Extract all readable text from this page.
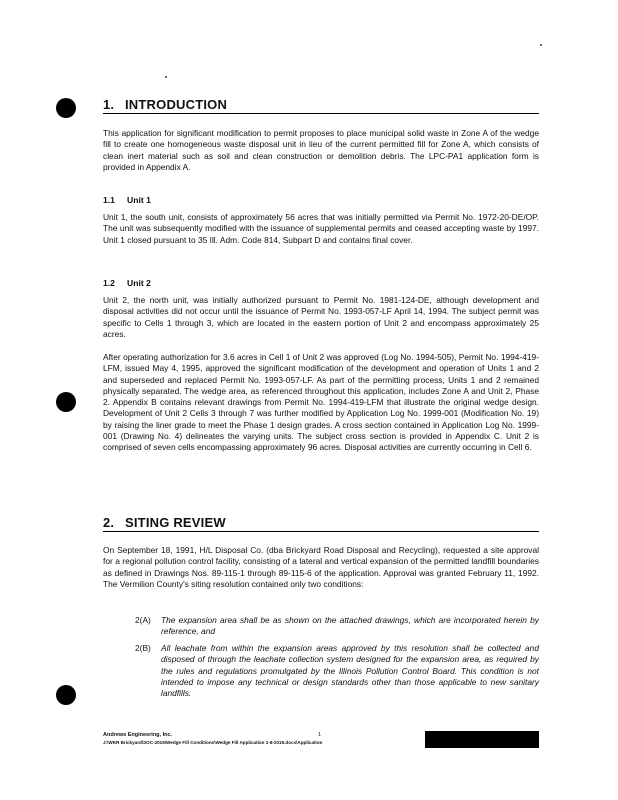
1. INTRODUCTION

This application for significant modification to permit proposes to place municipal solid waste in Zone A of the wedge fill to create one homogeneous waste disposal unit in lieu of the current permitted fill for Zone A, which consists of clean inert material such as soil and clean construction or demolition debris. The LPC-PA1 application form is provided in Appendix A.

1.1 Unit 1

Unit 1, the south unit, consists of approximately 56 acres that was initially permitted via Permit No. 1972-20-DE/OP. The unit was subsequently modified with the issuance of supplemental permits and ceased accepting waste by 1997. Unit 1 closed pursuant to 35 Ill. Adm. Code 814, Subpart D and contains final cover.

1.2 Unit 2

Unit 2, the north unit, was initially authorized pursuant to Permit No. 1981-124-DE, although development and disposal activities did not occur until the issuance of Permit No. 1993-057-LF April 14, 1994. The subject permit was specific to Cells 1 through 3, which are located in the eastern portion of Unit 2 and encompass approximately 25 acres.

After operating authorization for 3.6 acres in Cell 1 of Unit 2 was approved (Log No. 1994-505), Permit No. 1994-419-LFM, issued May 4, 1995, approved the significant modification of the development and operation of Units 1 and 2 and superseded and replaced Permit No. 1993-057-LF. As part of the permitting process, Units 1 and 2 remained physically separated. The wedge area, as referenced throughout this application, includes Zone A and Unit 2, Phase 2. Appendix B contains relevant drawings from Permit No. 1994-419-LFM that illustrate the original wedge design. Development of Unit 2 Cells 3 through 7 was further modified by Application Log No. 1999-001 (Modification No. 19) by raising the liner grade to meet the Phase 1 design grades. A cross section contained in Application Log No. 1999-001 (Drawing No. 4) delineates the varying units. The subject cross section is provided in Appendix C. Unit 2 is comprised of seven cells encompassing approximately 96 acres. Disposal activities are currently occurring in Cell 6.

2. SITING REVIEW

On September 18, 1991, H/L Disposal Co. (dba Brickyard Road Disposal and Recycling), requested a site approval for a regional pollution control facility, consisting of a lateral and vertical expansion of the permitted landfill boundaries as defined in Drawings Nos. 89-115-1 through 89-115-6 of the application. Approval was granted February 11, 1992. The Vermilion County's siting resolution contained only two conditions:

2(A) The expansion area shall be as shown on the attached drawings, which are incorporated herein by reference, and
2(B) All leachate from within the expansion areas approved by this resolution shall be collected and disposed of through the leachate collection system designed for the expansion area, as required by the rules and regulations promulgated by the Illinois Pollution Control Board. This condition is not intended to impose any technical or design standards other than those applicable to new sanitary landfills.
Andrews Engineering, Inc.
J:\WKR Brickyard\SOC-2015\Wedge Fill Conditions\Wedge Fill Application 1-8-2015.docx\Application
1
